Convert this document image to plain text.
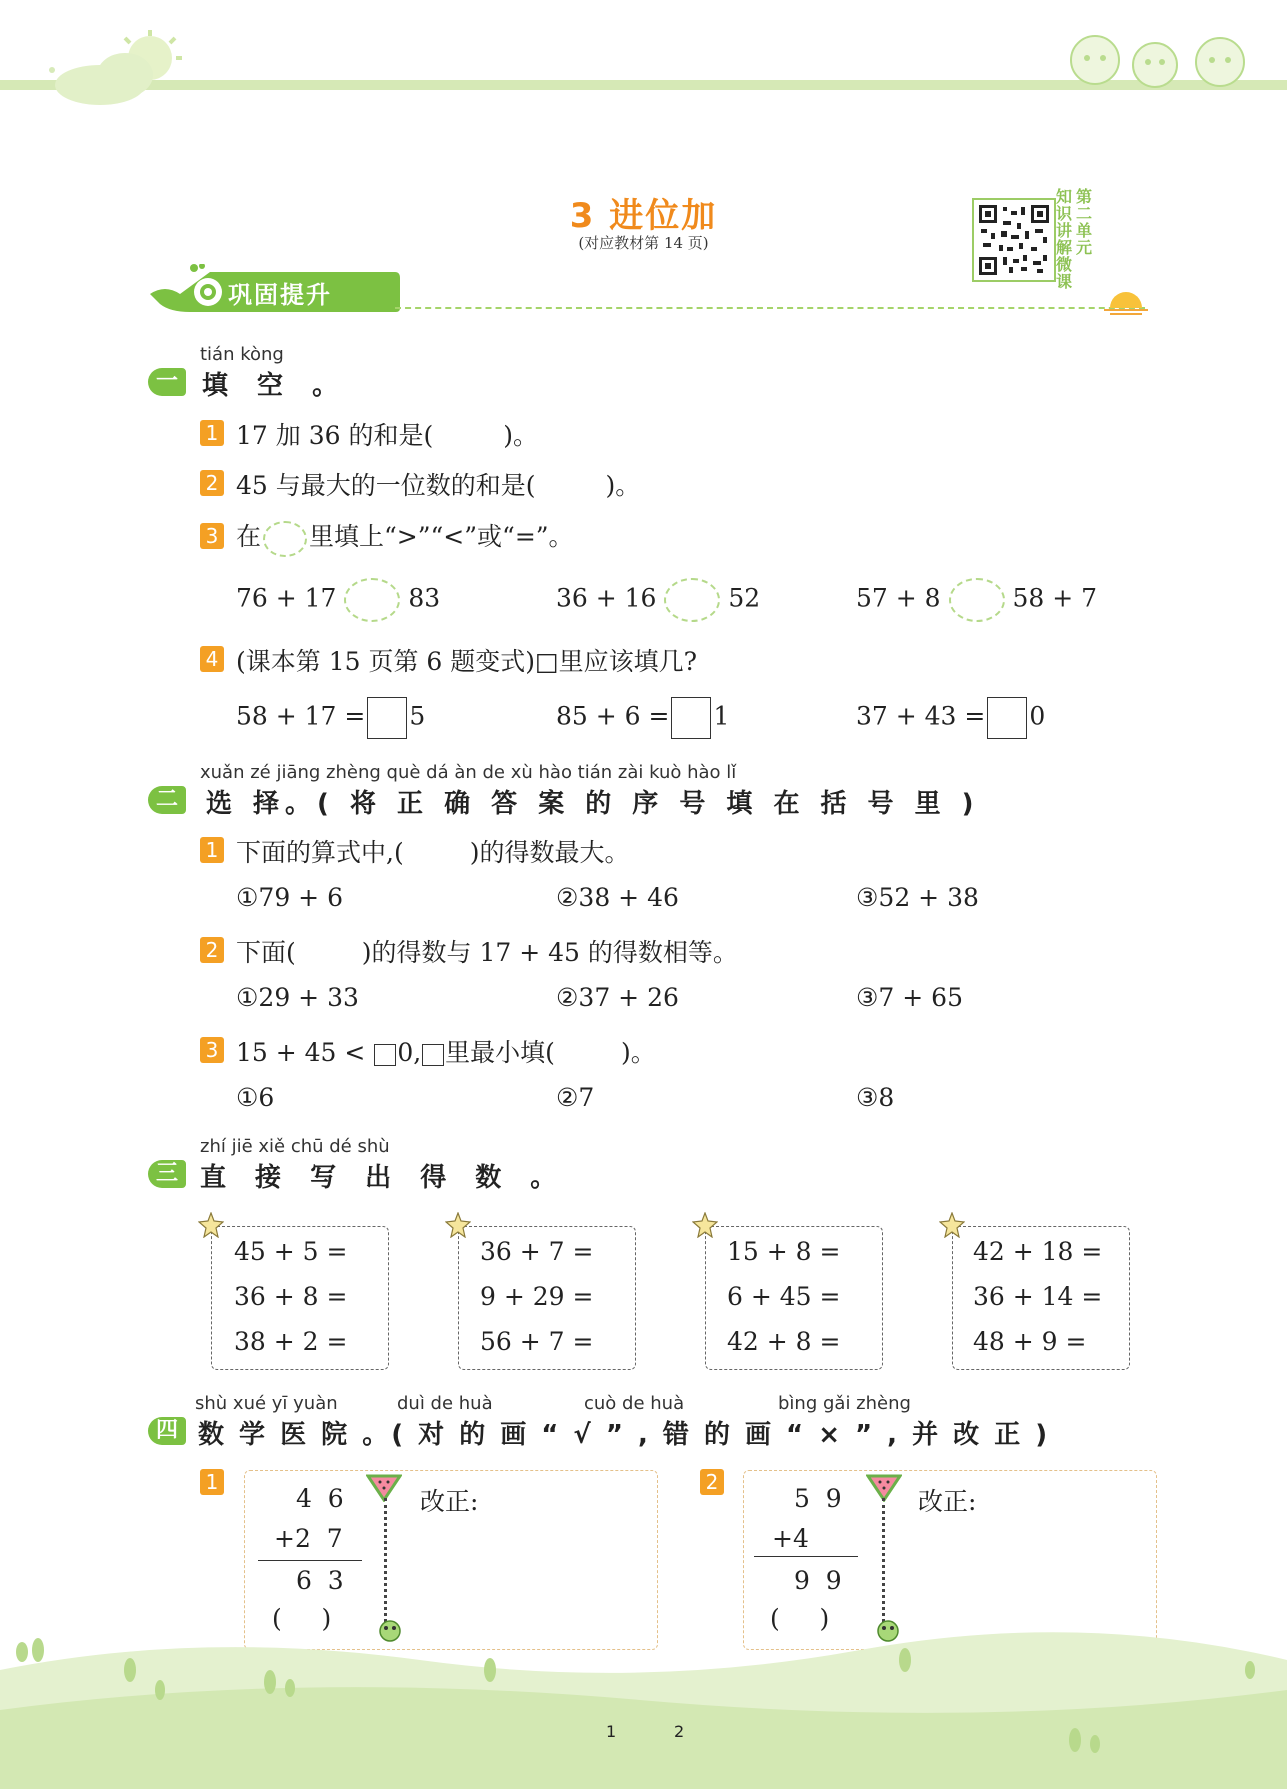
3 进位加
(对应教材第 14 页)
知 第
识 二
讲 单
解 元
微
课
巩固提升
tián kòng
一 填 空 。
1 17 加 36 的和是(	)。
2 45 与最大的一位数的和是(	)。
3 在 里填上“>”“<”或“=”。
76 + 17	83	36 + 16	52	57 + 8	58 + 7
4 (课本第 15 页第 6 题变式)□里应该填几?
58 + 17 = 5	85 + 6 = 1	37 + 43 = 0
xuǎn zé jiāng zhèng què dá àn de xù hào tián zài kuò hào lǐ
二	选 择。( 将 正 确 答 案 的 序 号 填 在 括 号 里 )
1 下面的算式中,(	)的得数最大。
①79 + 6	②38 + 46	③52 + 38
2 下面(	)的得数与 17 + 45 的得数相等。
①29 + 33	②37 + 26	③7 + 65
3 15 + 45 < 0, 里最小填(	)。
①6	②7	③8
zhí jiē xiě chū dé shù
三 直 接 写 出 得 数 。
45 + 5 =
36 + 8 =
38 + 2 =
36 + 7 =
9 + 29 =
56 + 7 =
15 + 8 =
6 + 45 =
42 + 8 =
42 + 18 =
36 + 14 =
48 + 9 =
shù xué yī yuàn	duì de huà	cuò de huà	bìng gǎi zhèng
四 数 学 医 院 。( 对 的 画 “ √ ” , 错 的 画 “ × ” , 并 改 正 )
1
4  6
+2  7
6  3
(     )
改正:
2
5  9
+4
9  9
(     )
改正:
1	2
